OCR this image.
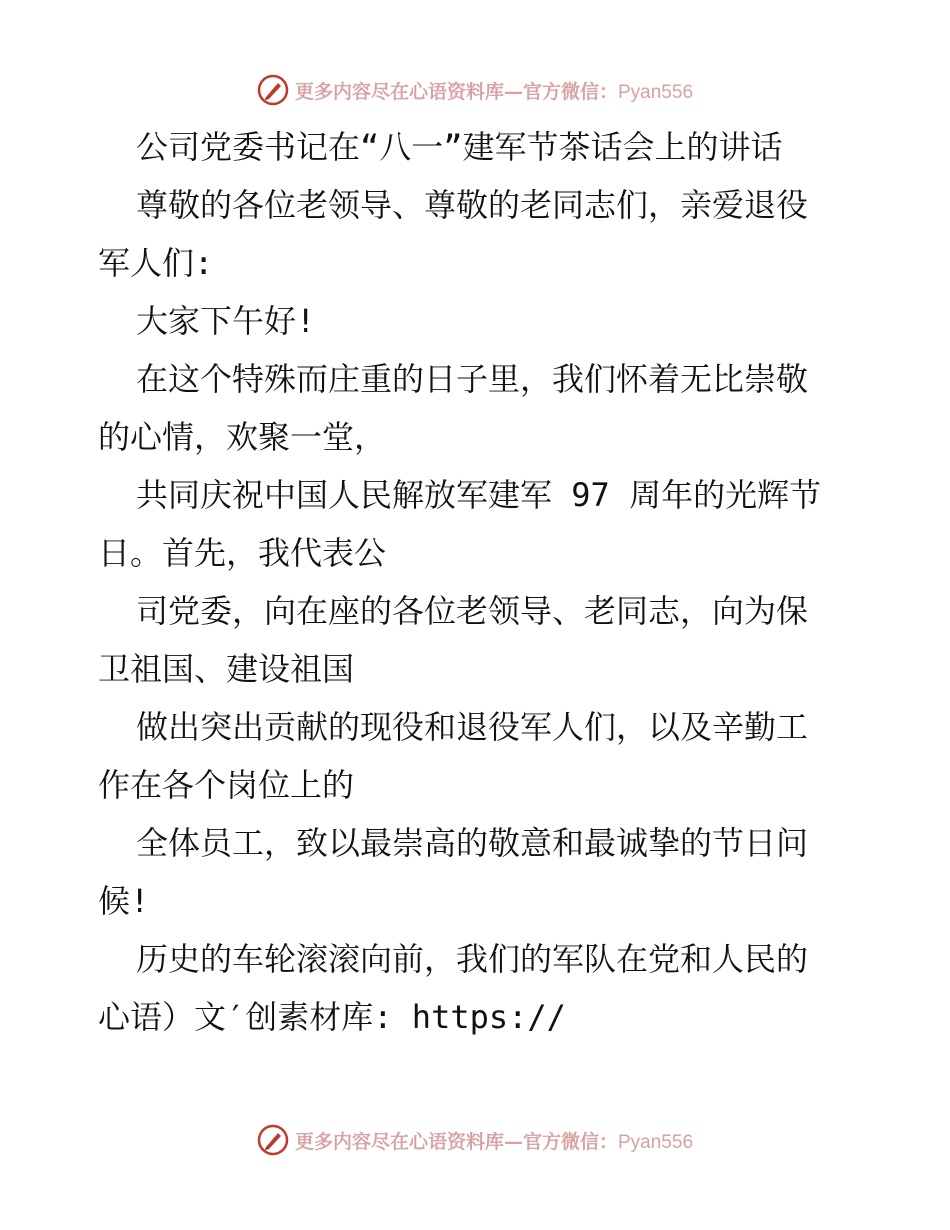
更多内容尽在心语资料库—官方微信：Pyan556
公司党委书记在“八一”建军节茶话会上的讲话
尊敬的各位老领导、尊敬的老同志们，亲爱退役
军人们:
大家下午好!
在这个特殊而庄重的日子里，我们怀着无比崇敬
的心情，欢聚一堂，
共同庆祝中国人民解放军建军 97 周年的光辉节
日。首先，我代表公
司党委，向在座的各位老领导、老同志，向为保
卫祖国、建设祖国
做出突出贡献的现役和退役军人们，以及辛勤工
作在各个岗位上的
全体员工，致以最崇高的敬意和最诚挚的节日问
候!
历史的车轮滚滚向前，我们的军队在党和人民的
心语）文′创素材库: https://
更多内容尽在心语资料库—官方微信：Pyan556
